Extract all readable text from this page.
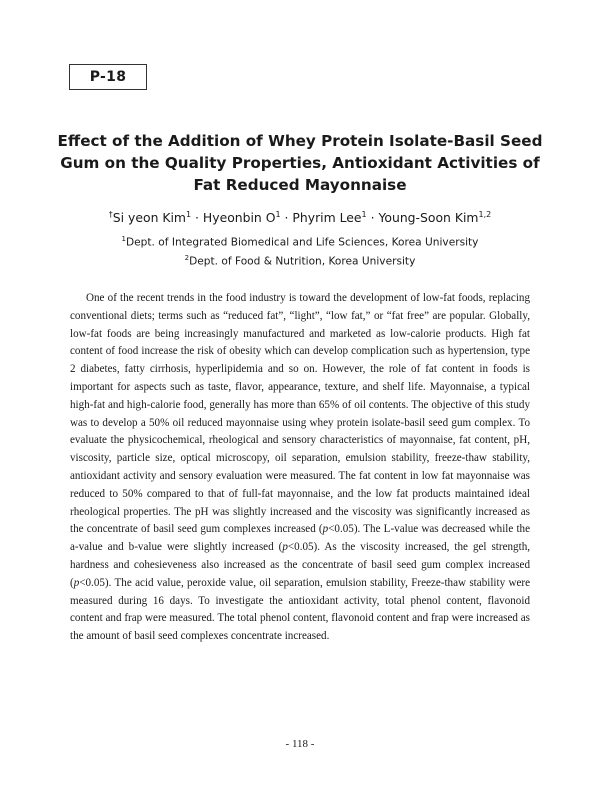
P-18
Effect of the Addition of Whey Protein Isolate-Basil Seed Gum on the Quality Properties, Antioxidant Activities of Fat Reduced Mayonnaise
†Si yeon Kim$^1$ · Hyeonbin $O^1$ · Phyrim Lee$^1$ · Young-Soon Kim$^{1,2}$
$^1$Dept. of Integrated Biomedical and Life Sciences, Korea University
$^2$Dept. of Food & Nutrition, Korea University

One of the recent trends in the food industry is toward the development of low-fat foods, replacing conventional diets; terms such as “reduced fat”, “light”, “low fat,” or “fat free” are popular. Globally, low-fat foods are being increasingly manufactured and marketed as low-calorie products. High fat content of food increase the risk of obesity which can develop complication such as hypertension, type 2 diabetes, fatty cirrhosis, hyperlipidemia and so on. However, the role of fat content in foods is important for aspects such as taste, flavor, appearance, texture, and shelf life. Mayonnaise, a typical high-fat and high-calorie food, generally has more than 65% of oil contents. The objective of this study was to develop a 50% oil reduced mayonnaise using whey protein isolate-basil seed gum complex. To evaluate the physicochemical, rheological and sensory characteristics of mayonnaise, fat content, pH, viscosity, particle size, optical microscopy, oil separation, emulsion stability, freeze-thaw stability, antioxidant activity and sensory evaluation were measured. The fat content in low fat mayonnaise was reduced to 50% compared to that of full-fat mayonnaise, and the low fat products maintained ideal rheological properties. The pH was slightly increased and the viscosity was significantly increased as the concentrate of basil seed gum complexes increased (p<0.05). The L-value was decreased while the a-value and b-value were slightly increased (p<0.05). As the viscosity increased, the gel strength, hardness and cohesieveness also increased as the concentrate of basil seed gum complex increased (p<0.05). The acid value, peroxide value, oil separation, emulsion stability, Freeze-thaw stability were measured during 16 days. To investigate the antioxidant activity, total phenol content, flavonoid content and frap were measured. The total phenol content, flavonoid content and frap were increased as the amount of basil seed complexes concentrate increased.

- 118 -
